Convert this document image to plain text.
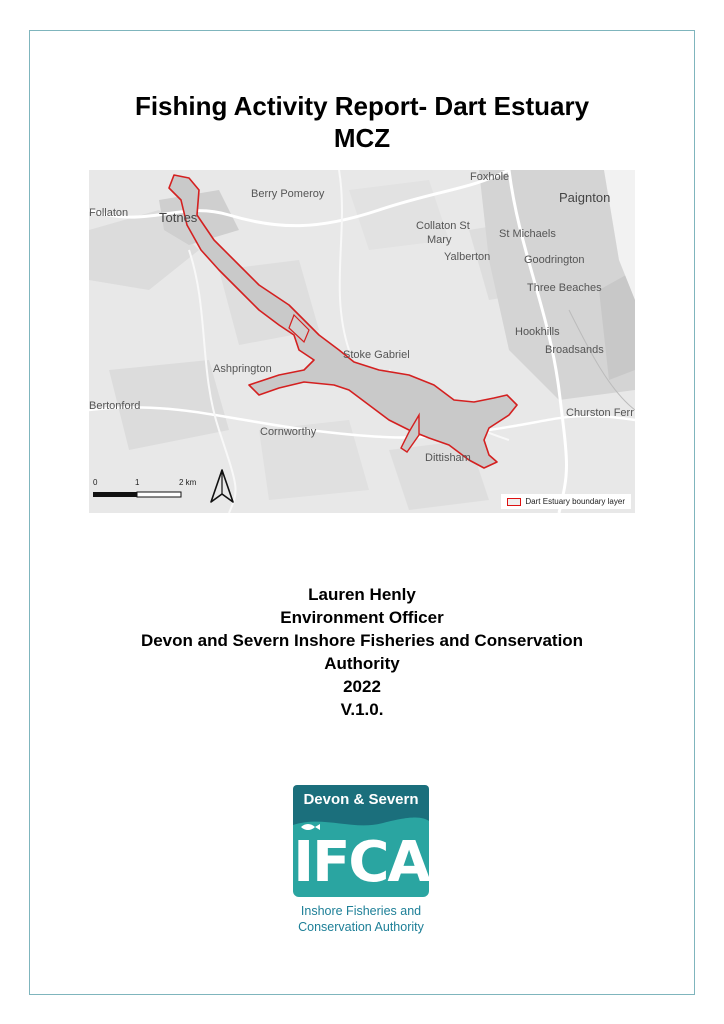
Fishing Activity Report- Dart Estuary
MCZ
Foxhole
Berry Pomeroy	Paignton
Follaton Totnes
Collaton St
Mary	St Michaels
Yalberton	Goodrington
Three Beaches
Hookhills
Broadsands
Stoke Gabriel
Ashprington
Bertonford
Churston Ferr
Cornworthy
Dittisham
0	1	2 km
Dart Estuary boundary layer
Lauren Henly
Environment Officer
Devon and Severn Inshore Fisheries and Conservation
Authority
2022
V.1.0.
Devon & Severn
IFCA
Inshore Fisheries and
Conservation Authority
